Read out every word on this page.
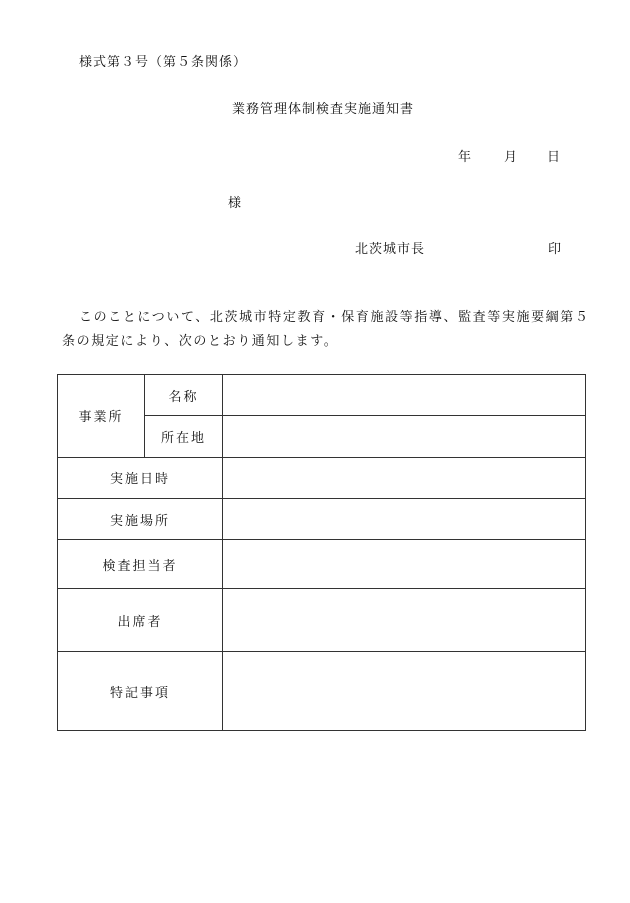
様式第３号（第５条関係）
業務管理体制検査実施通知書
年	月 日
様
北茨城市長	印
このことについて、北茨城市特定教育・保育施設等指導、監査等実施要綱第５条の規定により、次のとおり通知します。
事業所	名称	
	所在地	
実施日時		
実施場所		
検査担当者		
出席者		
特記事項		
